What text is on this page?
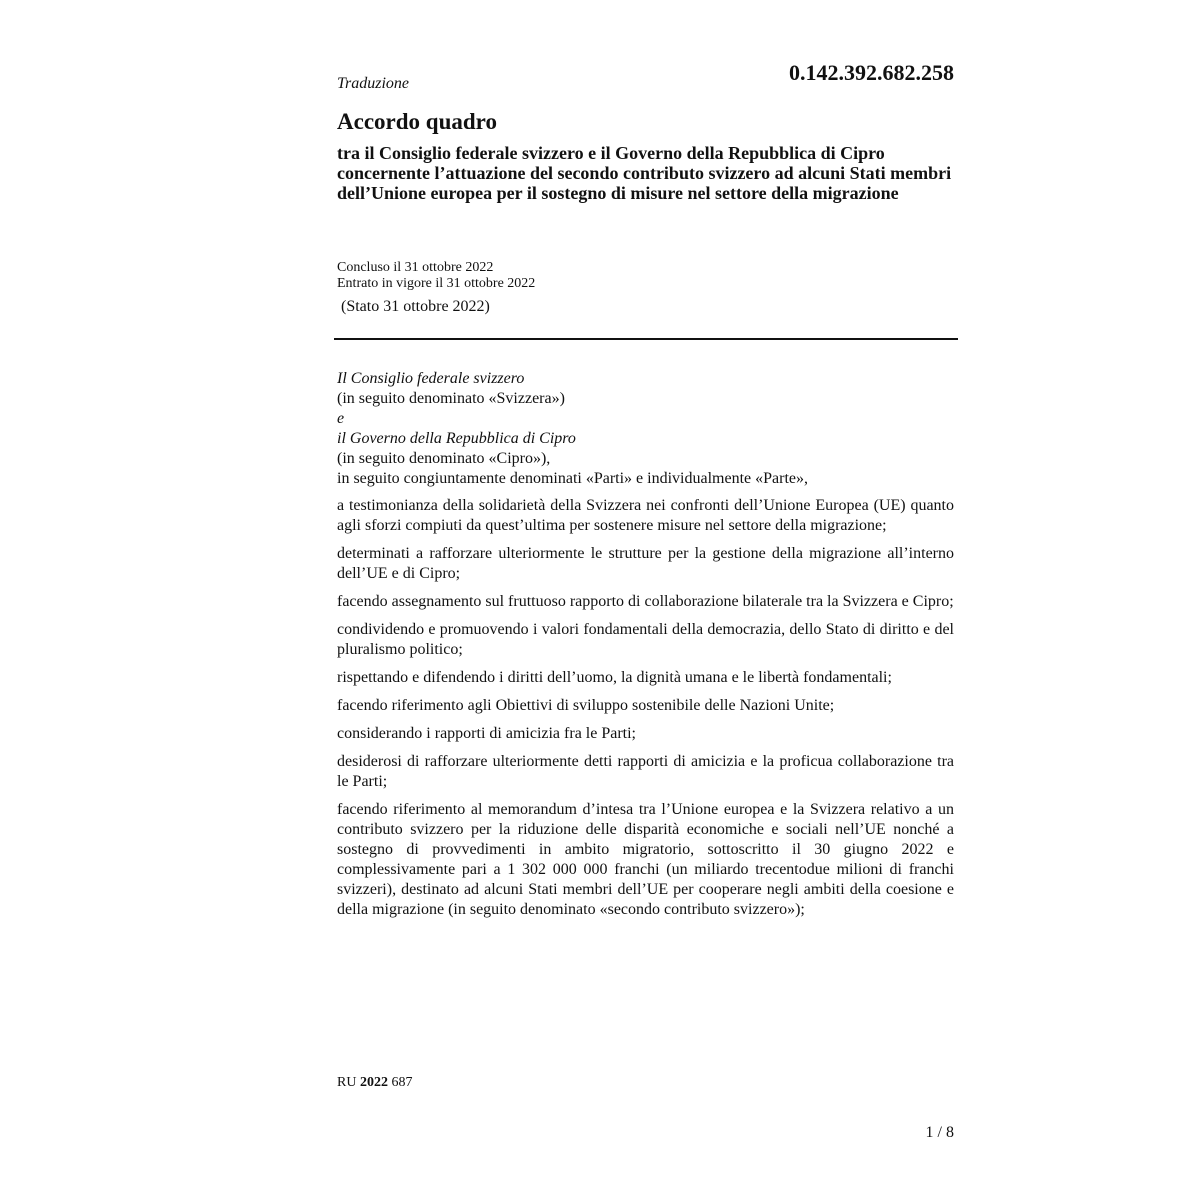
Traduzione	0.142.392.682.258
Accordo quadro
tra il Consiglio federale svizzero e il Governo della Repubblica di Cipro concernente l’attuazione del secondo contributo svizzero ad alcuni Stati membri dell’Unione europea per il sostegno di misure nel settore della migrazione
Concluso il 31 ottobre 2022
Entrato in vigore il 31 ottobre 2022
(Stato 31 ottobre 2022)
Il Consiglio federale svizzero
(in seguito denominato «Svizzera»)
e
il Governo della Repubblica di Cipro
(in seguito denominato «Cipro»),
in seguito congiuntamente denominati «Parti» e individualmente «Parte»,

a testimonianza della solidarietà della Svizzera nei confronti dell’Unione Europea (UE) quanto agli sforzi compiuti da quest’ultima per sostenere misure nel settore della migrazione;

determinati a rafforzare ulteriormente le strutture per la gestione della migrazione all’interno dell’UE e di Cipro;

facendo assegnamento sul fruttuoso rapporto di collaborazione bilaterale tra la Svizzera e Cipro;

condividendo e promuovendo i valori fondamentali della democrazia, dello Stato di diritto e del pluralismo politico;

rispettando e difendendo i diritti dell’uomo, la dignità umana e le libertà fondamentali;

facendo riferimento agli Obiettivi di sviluppo sostenibile delle Nazioni Unite;

considerando i rapporti di amicizia fra le Parti;

desiderosi di rafforzare ulteriormente detti rapporti di amicizia e la proficua collaborazione tra le Parti;

facendo riferimento al memorandum d’intesa tra l’Unione europea e la Svizzera relativo a un contributo svizzero per la riduzione delle disparità economiche e sociali nell’UE nonché a sostegno di provvedimenti in ambito migratorio, sottoscritto il 30 giugno 2022 e complessivamente pari a 1 302 000 000 franchi (un miliardo trecentodue milioni di franchi svizzeri), destinato ad alcuni Stati membri dell’UE per cooperare negli ambiti della coesione e della migrazione (in seguito denominato «secondo contributo svizzero»);

RU 2022 687
1 / 8
